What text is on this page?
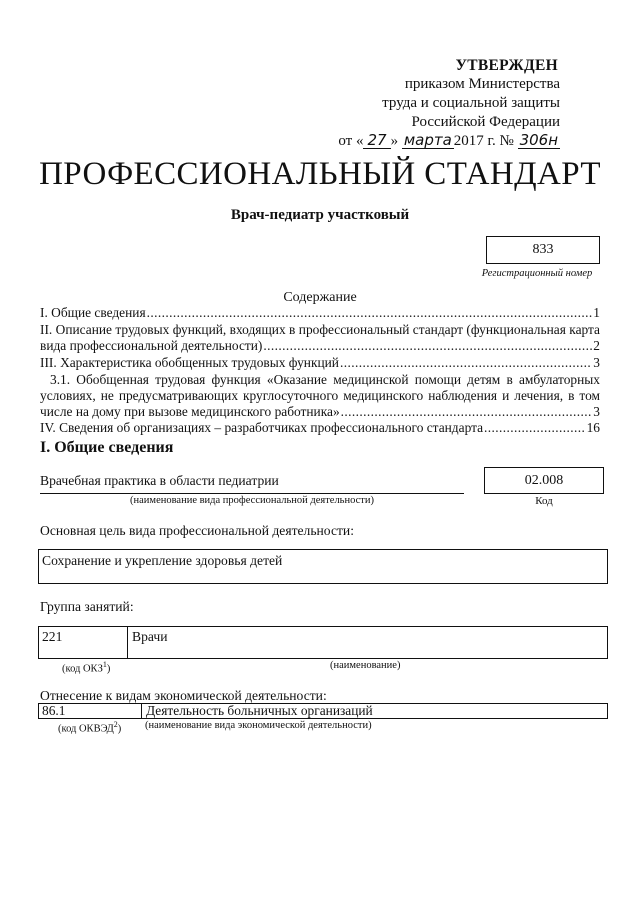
УТВЕРЖДЕН
приказом Министерства
труда и социальной защиты
Российской Федерации
от « 27 » марта 2017 г. № 306н
ПРОФЕССИОНАЛЬНЫЙ СТАНДАРТ
Врач-педиатр участковый
833
Регистрационный номер
Содержание
I. Общие сведения .....	1
II. Описание трудовых функций, входящих в профессиональный стандарт (функциональная карта
вида профессиональной деятельности) .....	2
III. Характеристика обобщенных трудовых функций .....	3
3.1. Обобщенная трудовая функция «Оказание медицинской помощи детям в амбулаторных
условиях, не предусматривающих круглосуточного медицинского наблюдения и лечения, в том
числе на дому при вызове медицинского работника» .....	3
IV. Сведения об организациях – разработчиках профессионального стандарта .....	16
I. Общие сведения
Врачебная практика в области педиатрии
(наименование вида профессиональной деятельности)
02.008
Код
Основная цель вида профессиональной деятельности:
Сохранение и укрепление здоровья детей
Группа занятий:
221	Врачи
(код ОКЗ$^1$)	(наименование)
Отнесение к видам экономической деятельности:
86.1	Деятельность больничных организаций
(код ОКВЭД$^2$) (наименование вида экономической деятельности)
